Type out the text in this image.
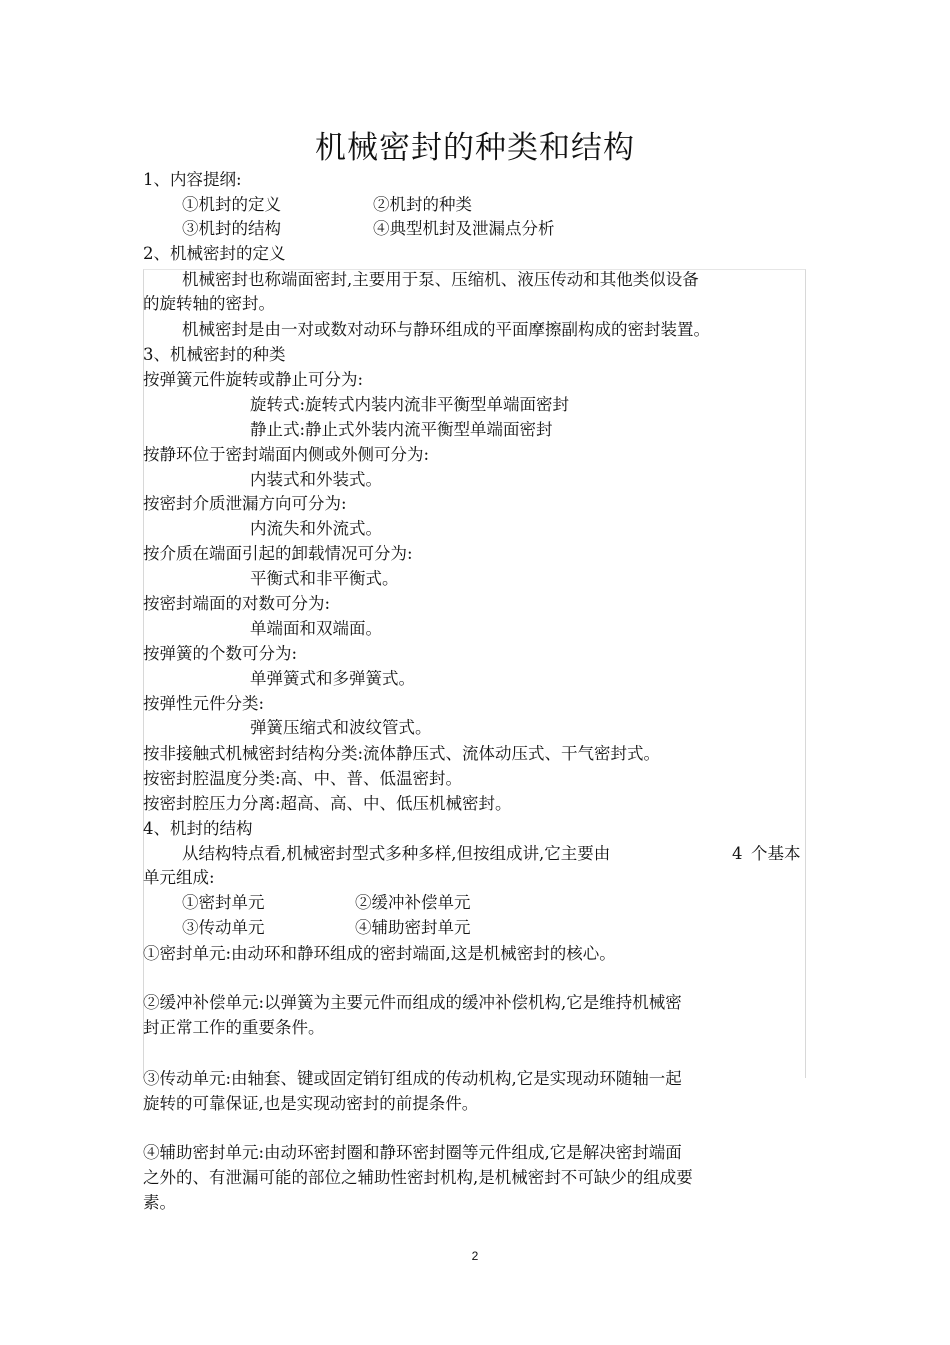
机械密封的种类和结构
1、内容提纲:
①机封的定义	②机封的种类
③机封的结构	④典型机封及泄漏点分析
2、机械密封的定义
机械密封也称端面密封,主要用于泵、压缩机、液压传动和其他类似设备
的旋转轴的密封。
机械密封是由一对或数对动环与静环组成的平面摩擦副构成的密封装置。
3、机械密封的种类
按弹簧元件旋转或静止可分为:
旋转式:旋转式内装内流非平衡型单端面密封
静止式:静止式外装内流平衡型单端面密封
按静环位于密封端面内侧或外侧可分为:
内装式和外装式。
按密封介质泄漏方向可分为:
内流失和外流式。
按介质在端面引起的卸载情况可分为:
平衡式和非平衡式。
按密封端面的对数可分为:
单端面和双端面。
按弹簧的个数可分为:
单弹簧式和多弹簧式。
按弹性元件分类:
弹簧压缩式和波纹管式。
按非接触式机械密封结构分类:流体静压式、流体动压式、干气密封式。
按密封腔温度分类:高、中、普、低温密封。
按密封腔压力分离:超高、高、中、低压机械密封。
4、机封的结构
从结构特点看,机械密封型式多种多样,但按组成讲,它主要由	4 个基本
单元组成:
①密封单元	②缓冲补偿单元
③传动单元	④辅助密封单元
①密封单元:由动环和静环组成的密封端面,这是机械密封的核心。
②缓冲补偿单元:以弹簧为主要元件而组成的缓冲补偿机构,它是维持机械密
封正常工作的重要条件。
③传动单元:由轴套、键或固定销钉组成的传动机构,它是实现动环随轴一起
旋转的可靠保证,也是实现动密封的前提条件。
④辅助密封单元:由动环密封圈和静环密封圈等元件组成,它是解决密封端面
之外的、有泄漏可能的部位之辅助性密封机构,是机械密封不可缺少的组成要
素。
2
